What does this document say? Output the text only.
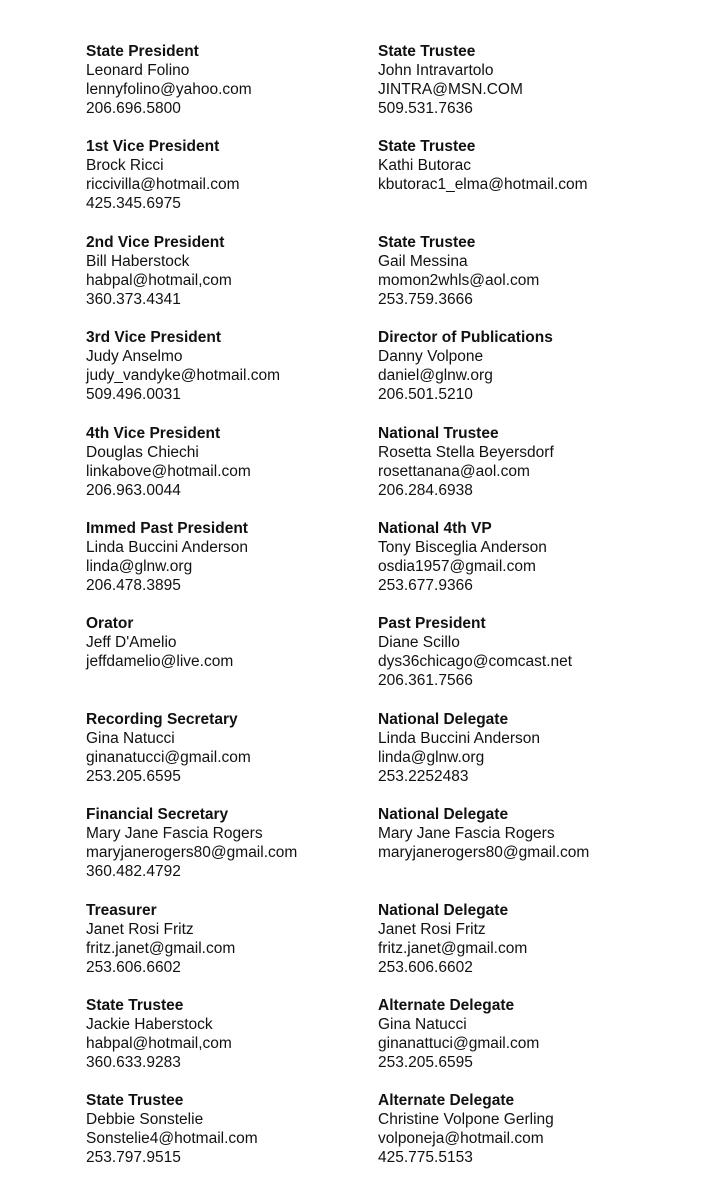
State President
Leonard Folino
lennyfolino@yahoo.com
206.696.5800
1st Vice President
Brock Ricci
riccivilla@hotmail.com
425.345.6975
2nd Vice President
Bill Haberstock
habpal@hotmail,com
360.373.4341
3rd Vice President
Judy Anselmo
judy_vandyke@hotmail.com
509.496.0031
4th Vice President
Douglas Chiechi
linkabove@hotmail.com
206.963.0044
Immed Past President
Linda Buccini Anderson
linda@glnw.org
206.478.3895
Orator
Jeff D'Amelio
jeffdamelio@live.com
Recording Secretary
Gina Natucci
ginanatucci@gmail.com
253.205.6595
Financial Secretary
Mary Jane Fascia Rogers
maryjanerogers80@gmail.com
360.482.4792
Treasurer
Janet Rosi Fritz
fritz.janet@gmail.com
253.606.6602
State Trustee
Jackie Haberstock
habpal@hotmail,com
360.633.9283
State Trustee
Debbie Sonstelie
Sonstelie4@hotmail.com
253.797.9515
State Trustee
John Intravartolo
JINTRA@MSN.COM
509.531.7636
State Trustee
Kathi Butorac
kbutorac1_elma@hotmail.com
State Trustee
Gail Messina
momon2whls@aol.com
253.759.3666
Director of Publications
Danny Volpone
daniel@glnw.org
206.501.5210
National Trustee
Rosetta Stella Beyersdorf
rosettanana@aol.com
206.284.6938
National 4th VP
Tony Bisceglia Anderson
osdia1957@gmail.com
253.677.9366
Past President
Diane Scillo
dys36chicago@comcast.net
206.361.7566
National Delegate
Linda Buccini Anderson
linda@glnw.org
253.2252483
National Delegate
Mary Jane Fascia Rogers
maryjanerogers80@gmail.com
National Delegate
Janet Rosi Fritz
fritz.janet@gmail.com
253.606.6602
Alternate Delegate
Gina Natucci
ginanattuci@gmail.com
253.205.6595
Alternate Delegate
Christine Volpone Gerling
volponeja@hotmail.com
425.775.5153
